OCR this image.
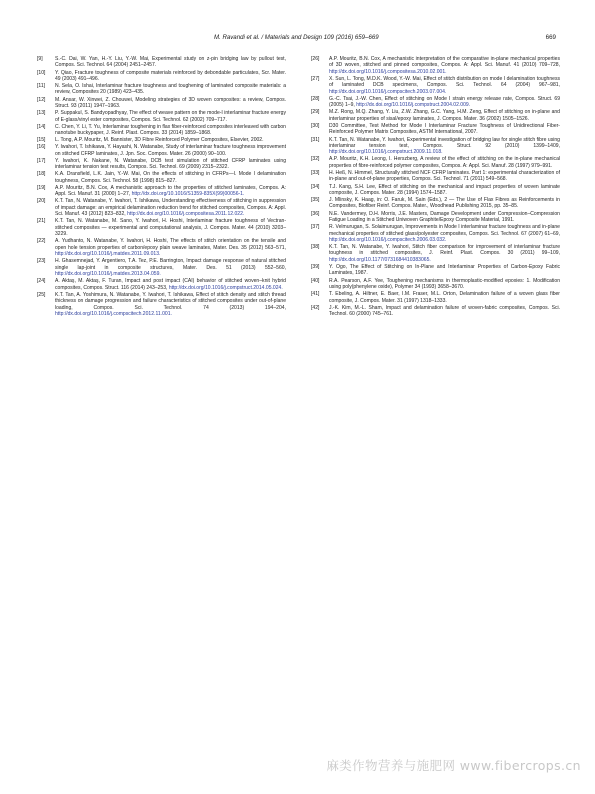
M. Ravandi et al. / Materials and Design 109 (2016) 659–669	669
[9]	S.-C. Dai, W. Yan, H.-Y. Liu, Y.-W. Mai, Experimental study on z-pin bridging law by pullout test, Compos. Sci. Technol. 64 (2004) 2451–2457.
[10]	Y. Qiao, Fracture toughness of composite materials reinforced by debondable particulates, Scr. Mater. 49 (2003) 491–496.
[11]	N. Sela, O. Ishai, Interlaminar fracture toughness and toughening of laminated composite materials: a review, Composites 20 (1989) 423–435.
[12]	M. Ansar, W. Xinwei, Z. Chouwei, Modeling strategies of 3D woven composites: a review, Compos. Struct. 93 (2011) 1947–1963.
[13]	P. Suppakul, S. Bandyopadhyay, The effect of weave pattern on the mode-I interlaminar fracture energy of E-glass/vinyl ester composites, Compos. Sci. Technol. 62 (2002) 709–717.
[14]	C. Chen, Y. Li, T. Yu, Interlaminar toughening in flax fiber-reinforced composites interleaved with carbon nanotube buckypaper, J. Reinf. Plast. Compos. 33 (2014) 1859–1868.
[15]	L. Tong, A.P. Mouritz, M. Bannister, 3D Fibre Reinforced Polymer Composites, Elsevier, 2002.
[16]	Y. Iwahori, T. Ishikawa, Y. Hayashi, N. Watanabe, Study of interlaminar fracture toughness improvement on stitched CFRP laminates, J. Jpn. Soc. Compos. Mater. 26 (2000) 90–100.
[17]	Y. Iwahori, K. Nakane, N. Watanabe, DCB test simulation of stitched CFRP laminates using interlaminar tension test results, Compos. Sci. Technol. 69 (2009) 2315–2322.
[18]	K.A. Dransfield, L.K. Jain, Y.-W. Mai, On the effects of stitching in CFRPs—I. Mode I delamination toughness, Compos. Sci. Technol. 58 (1998) 815–827.
[19]	A.P. Mouritz, B.N. Cox, A mechanistic approach to the properties of stitched laminates, Compos. A: Appl. Sci. Manuf. 31 (2000) 1–27, http://dx.doi.org/10.1016/S1359-835X(99)00056-1.
[20]	K.T. Tan, N. Watanabe, Y. Iwahori, T. Ishikawa, Understanding effectiveness of stitching in suppression of impact damage: an empirical delamination reduction trend for stitched composites, Compos. A: Appl. Sci. Manuf. 43 (2012) 823–832, http://dx.doi.org/10.1016/j.compositesa.2011.12.022.
[21]	K.T. Tan, N. Watanabe, M. Sano, Y. Iwahori, H. Hoshi, Interlaminar fracture toughness of Vectran-stitched composites — experimental and computational analysis, J. Compos. Mater. 44 (2010) 3203–3229.
[22]	A. Yudhanto, N. Watanabe, Y. Iwahori, H. Hoshi, The effects of stitch orientation on the tensile and open hole tension properties of carbon/epoxy plain weave laminates, Mater. Des. 35 (2012) 563–571, http://dx.doi.org/10.1016/j.matdes.2011.09.013.
[23]	H. Ghasemnejad, Y. Argentiero, T.A. Tez, P.E. Barrington, Impact damage response of natural stitched single lap-joint in composite structures, Mater. Des. 51 (2013) 552–560, http://dx.doi.org/10.1016/j.matdes.2013.04.059.
[24]	A. Aktaş, M. Aktaş, F. Turan, Impact and post impact (CAI) behavior of stitched woven–knit hybrid composites, Compos. Struct. 116 (2014) 243–253, http://dx.doi.org/10.1016/j.compstruct.2014.05.024.
[25]	K.T. Tan, A. Yoshimura, N. Watanabe, Y. Iwahori, T. Ishikawa, Effect of stitch density and stitch thread thickness on damage progression and failure characteristics of stitched composites under out-of-plane loading, Compos. Sci. Technol. 74 (2013) 194–204, http://dx.doi.org/10.1016/j.compscitech.2012.11.001.
[26]	A.P. Mouritz, B.N. Cox, A mechanistic interpretation of the comparative in-plane mechanical properties of 3D woven, stitched and pinned composites, Compos. A: Appl. Sci. Manuf. 41 (2010) 709–728, http://dx.doi.org/10.1016/j.compositesa.2010.02.001.
[27]	X. Sun, L. Tong, M.D.K. Wood, Y.-W. Mai, Effect of stitch distribution on mode I delamination toughness of laminated DCB specimens, Compos. Sci. Technol. 64 (2004) 967–981, http://dx.doi.org/10.1016/j.compscitech.2003.07.004.
[28]	G.-C. Tsai, J.-W. Chen, Effect of stitching on Mode I strain energy release rate, Compos. Struct. 69 (2005) 1–9, http://dx.doi.org/10.1016/j.compstruct.2004.02.009.
[29]	M.Z. Rong, M.Q. Zhang, Y. Liu, Z.W. Zhang, G.C. Yang, H.M. Zeng, Effect of stitching on in-plane and interlaminar properties of sisal/epoxy laminates, J. Compos. Mater. 36 (2002) 1505–1526.
[30]	D30 Committee, Test Method for Mode I Interlaminar Fracture Toughness of Unidirectional Fiber-Reinforced Polymer Matrix Composites, ASTM International, 2007.
[31]	K.T. Tan, N. Watanabe, Y. Iwahori, Experimental investigation of bridging law for single stitch fibre using interlaminar tension test, Compos. Struct. 92 (2010) 1399–1409, http://dx.doi.org/10.1016/j.compstruct.2009.11.018.
[32]	A.P. Mouritz, K.H. Leong, I. Herszberg, A review of the effect of stitching on the in-plane mechanical properties of fibre-reinforced polymer composites, Compos. A: Appl. Sci. Manuf. 28 (1997) 979–991.
[33]	H. Heß, N. Himmel, Structurally stitched NCF CFRP laminates. Part 1: experimental characterization of in-plane and out-of-plane properties, Compos. Sci. Technol. 71 (2011) 549–568.
[34]	T.J. Kang, S.H. Lee, Effect of stitching on the mechanical and impact properties of woven laminate composite, J. Compos. Mater. 28 (1994) 1574–1587.
[35]	J. Mlinsky, K. Haag, in: O. Faruk, M. Sain (Eds.), 2 — The Use of Flax Fibres as Reinforcements in Composites, Biofiber Reinf. Compos. Mater., Woodhead Publishing 2015, pp. 35–85.
[36]	N.E. Vandermey, D.H. Morris, J.E. Masters, Damage Development under Compression–Compression Fatigue Loading in a Stitched Uniwoven Graphite/Epoxy Composite Material, 1991.
[37]	R. Velmurugan, S. Solaimurugan, Improvements in Mode I interlaminar fracture toughness and in-plane mechanical properties of stitched glass/polyester composites, Compos. Sci. Technol. 67 (2007) 61–69, http://dx.doi.org/10.1016/j.compscitech.2006.03.032.
[38]	K.T. Tan, N. Watanabe, Y. Iwahori, Stitch fiber comparison for improvement of interlaminar fracture toughness in stitched composites, J. Reinf. Plast. Compos. 30 (2011) 99–109, http://dx.doi.org/10.1177/0731684410383065.
[39]	Y. Ogo, The Effect of Stitching on In-Plane and Interlaminar Properties of Carbon-Epoxy Fabric Laminates, 1987.
[40]	R.A. Pearson, A.F. Yee, Toughening mechanisms in thermoplastic-modified epoxies: 1. Modification using poly(phenylene oxide), Polymer 34 (1993) 3658–3670.
[41]	T. Ebeling, A. Hiltner, E. Baer, I.M. Fraser, M.L. Orton, Delamination failure of a woven glass fiber composite, J. Compos. Mater. 31 (1997) 1318–1333.
[42]	J.-K. Kim, M.-L. Sham, Impact and delamination failure of woven-fabric composites, Compos. Sci. Technol. 60 (2000) 745–761.
麻类作物营养与施肥网 www.fibercrops.cn
